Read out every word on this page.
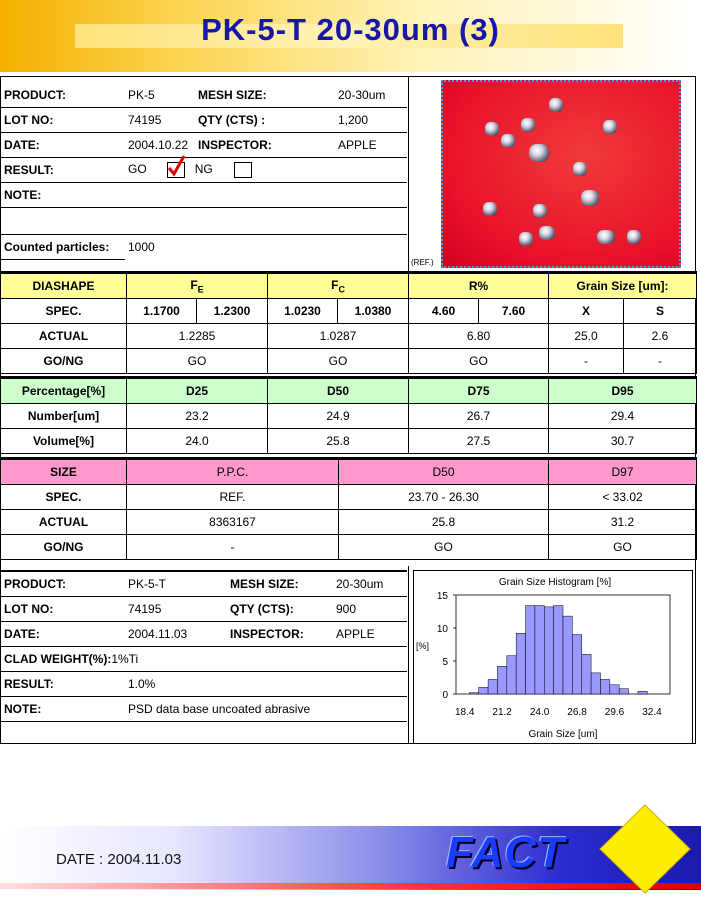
PK-5-T 20-30um (3)
PRODUCT:	PK-5	MESH SIZE:	20-30um
LOT NO:	74195	QTY (CTS) :	1,200
DATE:	2004.10.22	INSPECTOR:	APPLE
RESULT:	GO NG		
NOTE:			

Counted particles:	1000		
(REF.)
DIASHAPE	$F_E$		$F_C$		R%		Grain Size [um]:	
SPEC.	1.1700	1.2300	1.0230	1.0380	4.60	7.60	X	S
ACTUAL	1.2285		1.0287		6.80		25.0	2.6
GO/NG	GO		GO		GO		-	-
Percentage[%]	D25	D50	D75	D95
Number[um]	23.2	24.9	26.7	29.4
Volume[%]	24.0	25.8	27.5	30.7
SIZE	P.P.C.	D50	D97
SPEC.	REF.	23.70 - 26.30	< 33.02
ACTUAL	8363167	25.8	31.2
GO/NG	-	GO	GO
PRODUCT:	PK-5-T	MESH SIZE:	20-30um
LOT NO:	74195	QTY (CTS):	900
DATE:	2004.11.03	INSPECTOR:	APPLE
CLAD WEIGHT(%):1%Ti			
RESULT:	1.0%		
NOTE:	PSD data base uncoated abrasive		
Grain Size Histogram [%]
0
5
10
15
[%]
18.4 21.2 24.0 26.8 29.6 32.4
Grain Size [um]
DATE : 2004.11.03	FACT
